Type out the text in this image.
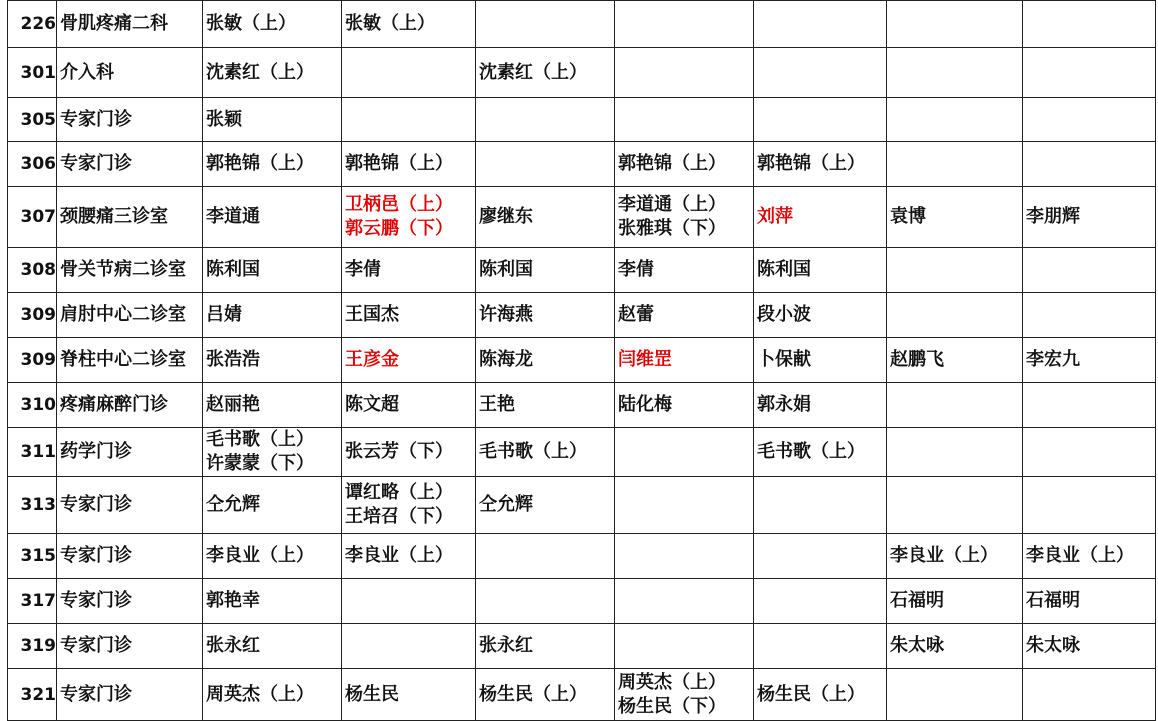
226	骨肌疼痛二科	张敏（上）	张敏（上）					

301	介入科	沈素红（上）		沈素红（上）				

305	专家门诊	张颖						

306	专家门诊	郭艳锦（上）	郭艳锦（上）		郭艳锦（上）	郭艳锦（上）		

307	颈腰痛三诊室	李道通	卫柄邑（上）
郭云鹏（下）	廖继东	李道通（上）
张雅琪（下）	刘萍	袁博	李朋辉

308	骨关节病二诊室	陈利国	李倩	陈利国	李倩	陈利国		

309	肩肘中心二诊室	吕婧	王国杰	许海燕	赵蕾	段小波		

309	脊柱中心二诊室	张浩浩	王彦金	陈海龙	闫维罡	卜保献	赵鹏飞	李宏九

310	疼痛麻醉门诊	赵丽艳	陈文超	王艳	陆化梅	郭永娟		

311	药学门诊	毛书歌（上）
许蒙蒙（下）	张云芳（下）	毛书歌（上）		毛书歌（上）		

313	专家门诊	仝允辉	谭红略（上）
王培召（下）	仝允辉				

315	专家门诊	李良业（上）	李良业（上）				李良业（上）	李良业（上）

317	专家门诊	郭艳幸					石福明	石福明

319	专家门诊	张永红		张永红			朱太咏	朱太咏

321	专家门诊	周英杰（上）	杨生民	杨生民（上）	周英杰（上）
杨生民（下）	杨生民（上）		
